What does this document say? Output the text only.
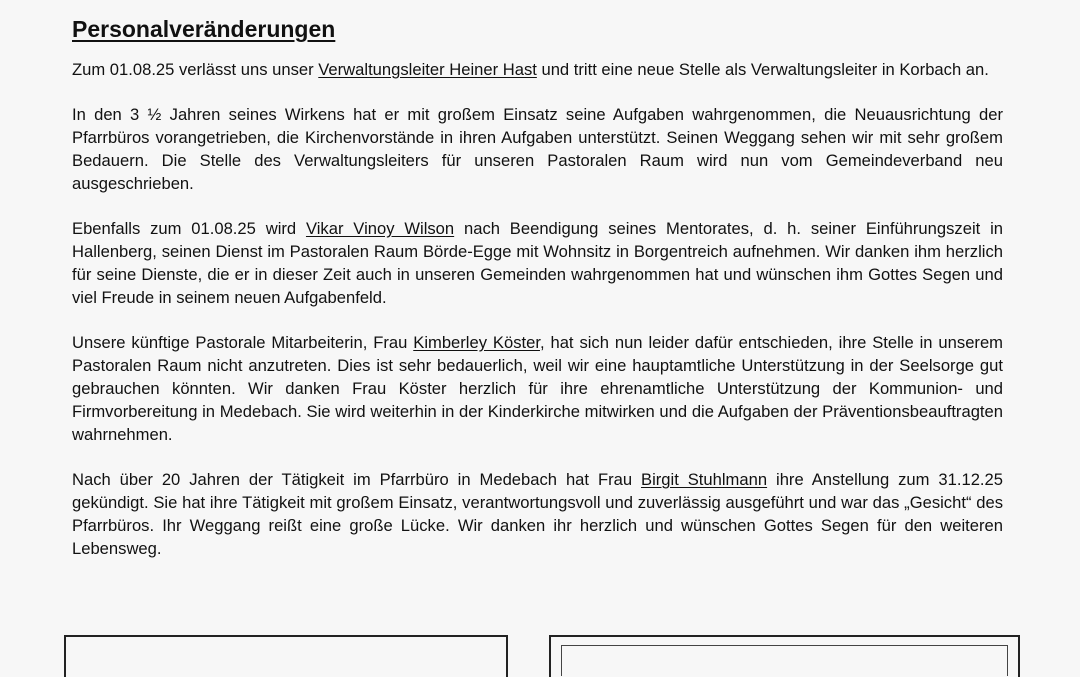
Personalveränderungen

Zum 01.08.25 verlässt uns unser Verwaltungsleiter Heiner Hast und tritt eine neue Stelle als Verwaltungsleiter in Korbach an.

In den 3 ½ Jahren seines Wirkens hat er mit großem Einsatz seine Aufgaben wahrgenommen, die Neuausrichtung der Pfarrbüros vorangetrieben, die Kirchenvorstände in ihren Aufgaben unterstützt. Seinen Weggang sehen wir mit sehr großem Bedauern. Die Stelle des Verwaltungsleiters für unseren Pastoralen Raum wird nun vom Gemeindeverband neu ausgeschrieben.

Ebenfalls zum 01.08.25 wird Vikar Vinoy Wilson nach Beendigung seines Mentorates, d. h. seiner Einführungszeit in Hallenberg, seinen Dienst im Pastoralen Raum Börde-Egge mit Wohnsitz in Borgentreich aufnehmen. Wir danken ihm herzlich für seine Dienste, die er in dieser Zeit auch in unseren Gemeinden wahrgenommen hat und wünschen ihm Gottes Segen und viel Freude in seinem neuen Aufgabenfeld.

Unsere künftige Pastorale Mitarbeiterin, Frau Kimberley Köster, hat sich nun leider dafür entschieden, ihre Stelle in unserem Pastoralen Raum nicht anzutreten. Dies ist sehr bedauerlich, weil wir eine hauptamtliche Unterstützung in der Seelsorge gut gebrauchen könnten. Wir danken Frau Köster herzlich für ihre ehrenamtliche Unterstützung der Kommunion- und Firmvorbereitung in Medebach. Sie wird weiterhin in der Kinderkirche mitwirken und die Aufgaben der Präventionsbeauftragten wahrnehmen.

Nach über 20 Jahren der Tätigkeit im Pfarrbüro in Medebach hat Frau Birgit Stuhlmann ihre Anstellung zum 31.12.25 gekündigt. Sie hat ihre Tätigkeit mit großem Einsatz, verantwortungsvoll und zuverlässig ausgeführt und war das „Gesicht“ des Pfarrbüros. Ihr Weggang reißt eine große Lücke. Wir danken ihr herzlich und wünschen Gottes Segen für den weiteren Lebensweg.
